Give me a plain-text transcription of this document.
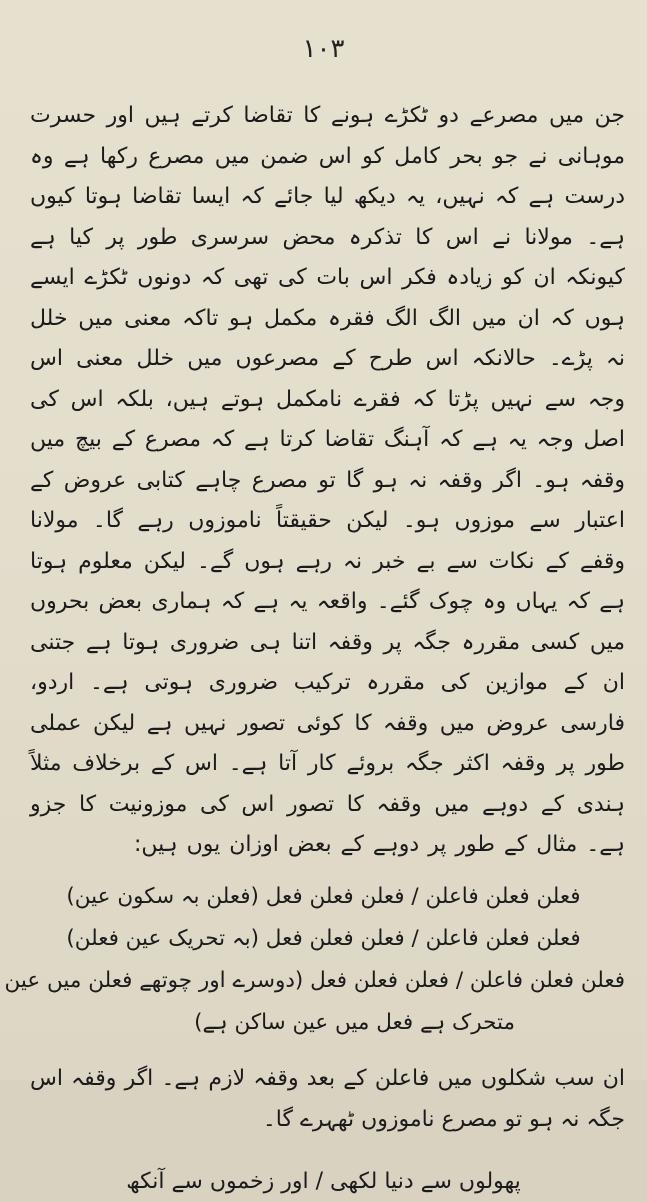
۱۰۳

جن میں مصرعے دو ٹکڑے ہونے کا تقاضا کرتے ہیں اور حسرت موہانی نے جو بحر کامل کو اس ضمن میں مصرع رکھا ہے وہ درست ہے کہ نہیں، یہ دیکھ لیا جائے کہ ایسا تقاضا ہوتا کیوں ہے۔ مولانا نے اس کا تذکرہ محض سرسری طور پر کیا ہے کیونکہ ان کو زیادہ فکر اس بات کی تھی کہ دونوں ٹکڑے ایسے ہوں کہ ان میں الگ الگ فقرہ مکمل ہو تاکہ معنی میں خلل نہ پڑے۔ حالانکہ اس طرح کے مصرعوں میں خلل معنی اس وجہ سے نہیں پڑتا کہ فقرے نامکمل ہوتے ہیں، بلکہ اس کی اصل وجہ یہ ہے کہ آہنگ تقاضا کرتا ہے کہ مصرع کے بیچ میں وقفہ ہو۔ اگر وقفہ نہ ہو گا تو مصرع چاہے کتابی عروض کے اعتبار سے موزوں ہو۔ لیکن حقیقتاً ناموزوں رہے گا۔ مولانا وقفے کے نکات سے بے خبر نہ رہے ہوں گے۔ لیکن معلوم ہوتا ہے کہ یہاں وہ چوک گئے۔ واقعہ یہ ہے کہ ہماری بعض بحروں میں کسی مقررہ جگہ پر وقفہ اتنا ہی ضروری ہوتا ہے جتنی ان کے موازین کی مقررہ ترکیب ضروری ہوتی ہے۔ اردو، فارسی عروض میں وقفہ کا کوئی تصور نہیں ہے لیکن عملی طور پر وقفہ اکثر جگہ بروئے کار آتا ہے۔ اس کے برخلاف مثلاً ہندی کے دوہے میں وقفہ کا تصور اس کی موزونیت کا جزو ہے۔ مثال کے طور پر دوہے کے بعض اوزان یوں ہیں:

فعلن فعلن فاعلن / فعلن فعلن فعل (فعلن بہ سکون عین)

فعلن فعلن فاعلن / فعلن فعلن فعل (بہ تحریک عین فعلن)

فعلن فعلن فاعلن / فعلن فعلن فعل (دوسرے اور چوتھے فعلن میں عین

متحرک ہے فعل میں عین ساکن ہے)

ان سب شکلوں میں فاعلن کے بعد وقفہ لازم ہے۔ اگر وقفہ اس جگہ نہ ہو تو مصرع ناموزوں ٹھہرے گا۔

پھولوں سے دنیا لکھی / اور زخموں سے آنکھ
